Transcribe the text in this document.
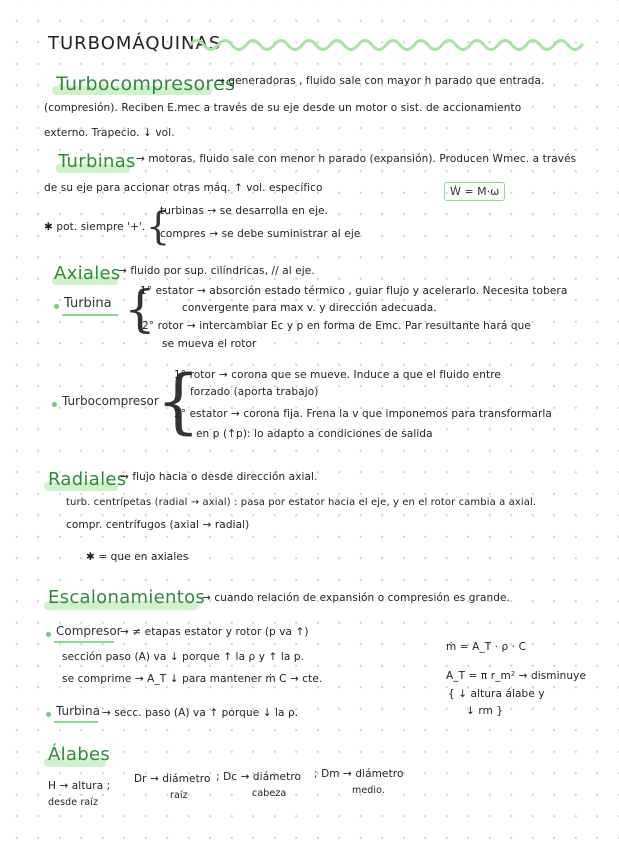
TURBOMÁQUINAS
Turbocompresores
→ generadoras , fluido sale con mayor h parado que entrada.
(compresión). Reciben E.mec a través de su eje desde un motor o sist. de accionamiento
externo. Trapecio. ↓ vol.
Turbinas → motoras, fluido sale con menor h parado (expansión). Producen Wmec. a través
de su eje para accionar otras máq. ↑ vol. específico	Ẇ = M·ω
✱ pot. siempre '+'. {
turbinas → se desarrolla en eje.
compres → se debe suministrar al eje
Axiales
→ fluido por sup. cilíndricas, // al eje.
Turbina {
1° estator → absorción estado térmico , guiar flujo y acelerarlo. Necesita tobera
convergente para max v. y dirección adecuada.
2° rotor → intercambiar Ec y p en forma de Emc. Par resultante hará que
se mueva el rotor
Turbocompresor
{
1° rotor → corona que se mueve. Induce a que el fluido entre
forzado (aporta trabajo)
2° estator → corona fija. Frena la v que imponemos para transformarla
en p (↑p): lo adapto a condiciones de salida
Radiales
→ flujo hacia o desde dirección axial.
turb. centrípetas (radial → axial) : pasa por estator hacia el eje, y en el rotor cambia a axial.
compr. centrífugos (axial → radial)
✱ = que en axiales
Escalonamientos
→ cuando relación de expansión o compresión es grande.
Compresor
→ ≠ etapas estator y rotor (p va ↑)
sección paso (A) va ↓ porque ↑ la ρ y ↑ la p.
se comprime → A_T ↓ para mantener ṁ C → cte.
ṁ = A_T · ρ · C
A_T = π r_m² → disminuye
{ ↓ altura álabe y
↓ rm }
Turbina → secc. paso (A) va ↑ porque ↓ la ρ.
Álabes
H → altura ;
desde raíz
Dr → diámetro
raíz
; Dc → diámetro
cabeza
; Dm → diámetro
medio.
